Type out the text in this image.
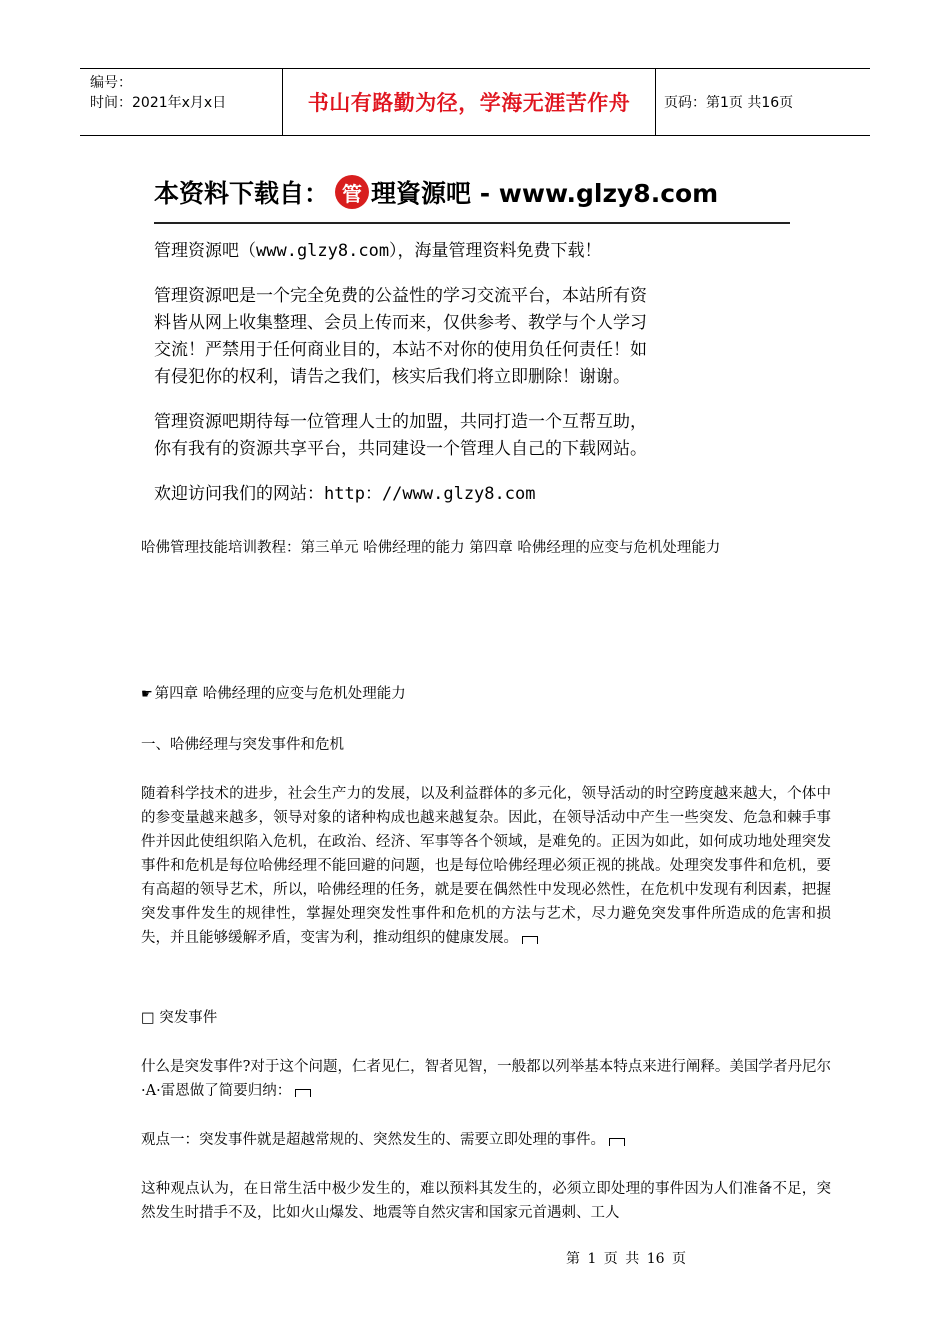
编号：
时间：2021年x月x日	书山有路勤为径，学海无涯苦作舟	页码：第1页 共16页
本资料下载自： 管 理資源吧 - www.glzy8.com

管理资源吧（www.glzy8.com），海量管理资料免费下载！

管理资源吧是一个完全免费的公益性的学习交流平台，本站所有资
料皆从网上收集整理、会员上传而来，仅供参考、教学与个人学习
交流！严禁用于任何商业目的，本站不对你的使用负任何责任！如
有侵犯你的权利，请告之我们，核实后我们将立即删除！谢谢。

管理资源吧期待每一位管理人士的加盟，共同打造一个互帮互助，
你有我有的资源共享平台，共同建设一个管理人自己的下载网站。

欢迎访问我们的网站：http：//www.glzy8.com

哈佛管理技能培训教程：第三单元 哈佛经理的能力 第四章 哈佛经理的应变与危机处理能力

☛ 第四章 哈佛经理的应变与危机处理能力
一、哈佛经理与突发事件和危机

随着科学技术的进步，社会生产力的发展，以及利益群体的多元化，领导活动的时空跨度越来越大，个体中的参变量越来越多，领导对象的诸种构成也越来越复杂。因此，在领导活动中产生一些突发、危急和棘手事件并因此使组织陷入危机，在政治、经济、军事等各个领域，是难免的。正因为如此，如何成功地处理突发事件和危机是每位哈佛经理不能回避的问题，也是每位哈佛经理必须正视的挑战。处理突发事件和危机，要有高超的领导艺术，所以，哈佛经理的任务，就是要在偶然性中发现必然性，在危机中发现有利因素，把握突发事件发生的规律性，掌握处理突发性事件和危机的方法与艺术，尽力避免突发事件所造成的危害和损失，并且能够缓解矛盾，变害为利，推动组织的健康发展。

□ 突发事件

什么是突发事件?对于这个问题，仁者见仁，智者见智，一般都以列举基本特点来进行阐释。美国学者丹尼尔·A·雷恩做了简要归纳：

观点一：突发事件就是超越常规的、突然发生的、需要立即处理的事件。

这种观点认为，在日常生活中极少发生的，难以预料其发生的，必须立即处理的事件因为人们准备不足，突然发生时措手不及，比如火山爆发、地震等自然灾害和国家元首遇刺、工人

第 1 页 共 16 页
